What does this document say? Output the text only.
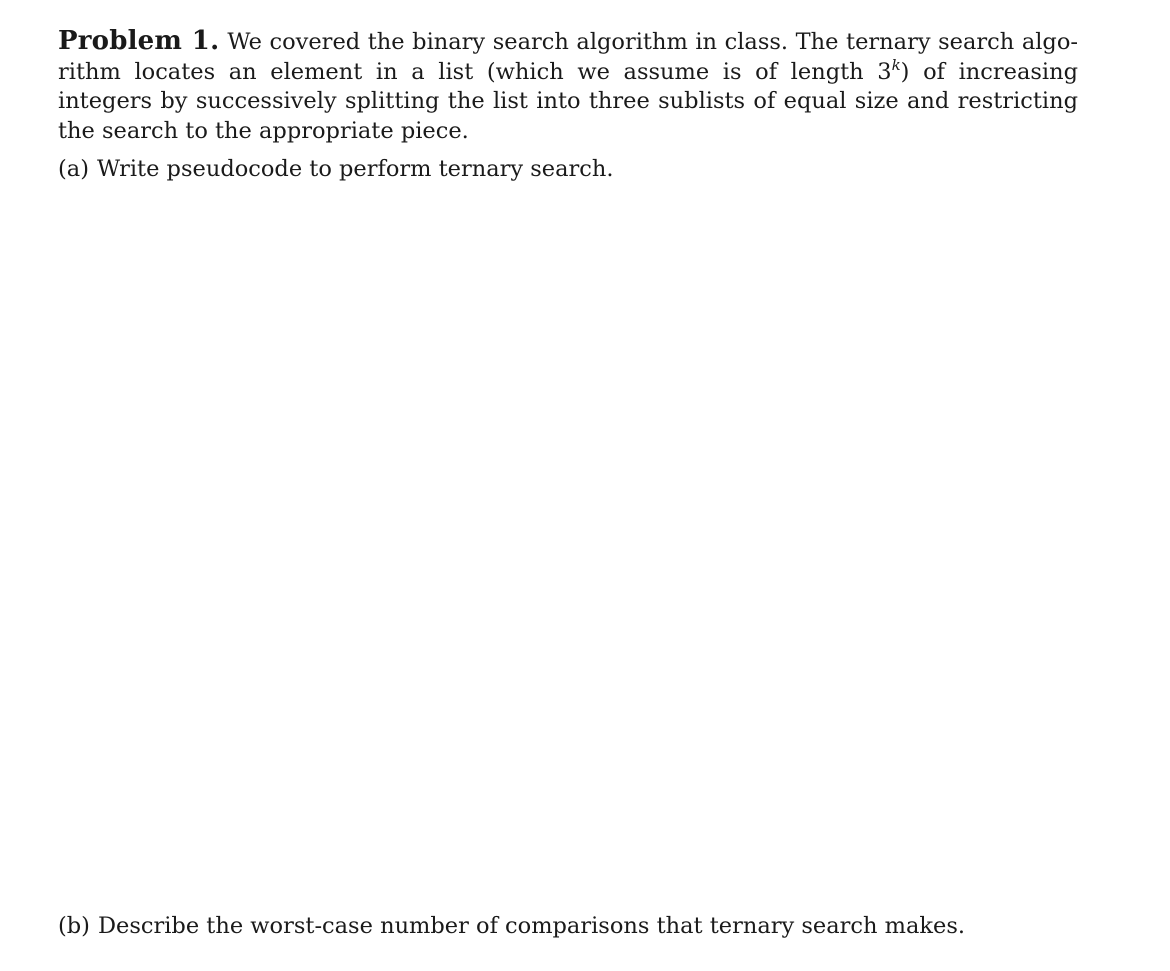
Problem 1. We covered the binary search algorithm in class. The ternary search algorithm locates an element in a list (which we assume is of length 3$^k$) of increasing integers by successively splitting the list into three sublists of equal size and restricting the search to the appropriate piece.

(a) Write pseudocode to perform ternary search.
(b) Describe the worst-case number of comparisons that ternary search makes.
